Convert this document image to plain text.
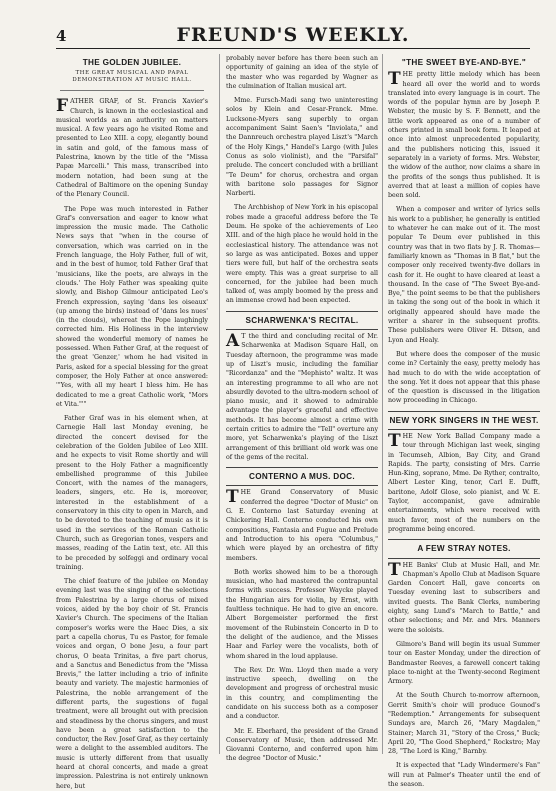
4	FREUND'S WEEKLY.
THE GOLDEN JUBILEE.
THE GREAT MUSICAL AND PAPAL DEMONSTRATION AT MUSIC HALL.

FATHER GRAF, of St. Francis Xavier's Church, is known in the ecclesiastical and musical worlds as an authority on matters musical. A few years ago he visited Rome and presented to Leo XIII. a copy, elegantly bound in satin and gold, of the famous mass of Palestrina, known by the title of the "Missa Papæ Marcelli." This mass, transcribed into modern notation, had been sung at the Cathedral of Baltimore on the opening Sunday of the Plenary Council.

The Pope was much interested in Father Graf's conversation and eager to know what impression the music made. The Catholic News says that "when in the course of conversation, which was carried on in the French language, the Holy Father, full of wit, and in the best of humor, told Father Graf that 'musicians, like the poets, are always in the clouds.' The Holy Father was speaking quite slowly, and Bishop Gilmour anticipated Leo's French expression, saying 'dans les oiseaux' (up among the birds) instead of 'dans les nues' (in the clouds), whereat the Pope laughingly corrected him. His Holiness in the interview showed the wonderful memory of names he possessed. When Father Graf, at the request of the great 'Genzer,' whom he had visited in Paris, asked for a special blessing for the great composer, the Holy Father at once answered: '"Yes, with all my heart I bless him. He has dedicated to me a great Catholic work, "Mors et Vita."'"

Father Graf was in his element when, at Carnegie Hall last Monday evening, he directed the concert devised for the celebration of the Golden Jubilee of Leo XIII. and he expects to visit Rome shortly and will present to the Holy Father a magnificently embellished programme of this Jubilee Concert, with the names of the managers, leaders, singers, etc. He is, moreover, interested in the establishment of a conservatory in this city to open in March, and to be devoted to the teaching of music as it is used in the services of the Roman Catholic Church, such as Gregorian tones, vespers and masses, reading of the Latin text, etc. All this to be preceded by solfeggi and ordinary vocal training.

The chief feature of the jubilee on Monday evening last was the singing of the selections from Palestrina by a large chorus of mixed voices, aided by the boy choir of St. Francis Xavier's Church. The specimens of the Italian composer's works were the Haec Dies, a six part a capella chorus, Tu es Pastor, for female voices and organ, O bone Jesu, a four part chorus, O beata Trinitas, a five part chorus, and a Sanctus and Benedictus from the "Missa Brevis," the latter including a trio of infinite beauty and variety. The majestic harmonies of Palestrina, the noble arrangement of the different parts, the sugestions of fugal treatment, were all brought out with precision and steadiness by the chorus singers, and must have been a great satisfaction to the conductor, the Rev. Josef Graf, as they certainly were a delight to the assembled auditors. The music is utterly different from that usually heard at choral concerts, and made a great impression. Palestrina is not entirely unknown here, but

probably never before has there been such an opportunity of gaining an idea of the style of the master who was regarded by Wagner as the culmination of Italian musical art.

Mme. Fursch-Madi sang two uninteresting solos by Klein and Cesar-Franck. Mme. Lucksone-Myers sang superbly to organ accompaniment Saint Saen's "Inviolata," and the Dannreuch orchestra played Liszt's "March of the Holy Kings," Handel's Largo (with Jules Conus as solo violinist), and the "Parsifal" prelude. The concert concluded with a brilliant "Te Deum" for chorus, orchestra and organ with baritone solo passages for Signor Narberti.

The Archbishop of New York in his episcopal robes made a graceful address before the Te Deum. He spoke of the achievements of Leo XIII. and of the high place he would hold in the ecclesiastical history. The attendance was not so large as was anticipated. Boxes and upper tiers were full, but half of the orchestra seats were empty. This was a great surprise to all concerned, for the jubilee had been much talked of, was amply boomed by the press and an immense crowd had been expected.

SCHARWENKA'S RECITAL.

A T the third and concluding recital of Mr. Scharwenka at Madison Square Hall, on Tuesday afternoon, the programme was made up of Liszt's music, including the familiar "Ricordanza" and the "Mephisto" waltz. It was an interesting programme to all who are not absurdly devoted to the ultra-modern school of piano music, and it showed to admirable advantage the player's graceful and effective methods. It has become almost a crime with certain critics to admire the "Tell" overture any more, yet Scharwenka's playing of the Liszt arrangement of this brilliant old work was one of the gems of the recital.

CONTERNO A MUS. DOC.

THE Grand Conservatory of Music conferred the degree "Doctor of Music" on G. E. Conterno last Saturday evening at Chickering Hall. Conterno conducted his own compositions, Fantasia and Fugue and Prelude and Introduction to his opera "Columbus," which were played by an orchestra of fifty members.

Both works showed him to be a thorough musician, who had mastered the contrapuntal forms with success. Professor Waycke played the Hungarian airs for violin, by Ernst, with faultless technique. He had to give an encore. Albert Borgemeister performed the first movement of the Rubinstein Concerto in D to the delight of the audience, and the Misses Haar and Farley were the vocalists, both of whom shared in the loud applause.

The Rev. Dr. Wm. Lloyd then made a very instructive speech, dwelling on the development and progress of orchestral music in this country, and complimenting the candidate on his success both as a composer and a conductor.

Mr. E. Eberhard, the president of the Grand Conservatory of Music, then addressed Mr. Giovanni Conterno, and conferred upon him the degree "Doctor of Music."

"THE SWEET BYE-AND-BYE."

THE pretty little melody which has been heard all over the world and to words translated into every language is in court. The words of the popular hymn are by Joseph P. Webster, the music by S. F. Bennett, and the little work appeared as one of a number of others printed in small book form. It leaped at once into almost unprecedented popularity, and the publishers noticing this, issued it separately in a variety of forms. Mrs. Webster, the widow of the author, now claims a share in the profits of the songs thus published. It is averred that at least a million of copies have been sold.

When a composer and writer of lyrics sells his work to a publisher, he generally is entitled to whatever he can make out of it. The most popular Te Deum ever published in this country was that in two flats by J. R. Thomas—familiarly known as "Thomas in B flat," but the composer only received twenty-five dollars in cash for it. He ought to have cleared at least a thousand. In the case of "The Sweet Bye-and-Bye," the point seems to be that the publishers in taking the song out of the book in which it originally appeared should have made the writer a sharer in the subsequent profits. These publishers were Oliver H. Ditson, and Lyon and Healy.

But where does the composer of the music come in? Certainly the easy, pretty melody has had much to do with the wide acceptation of the song. Yet it does not appear that this phase of the question is discussed in the litigation now proceeding in Chicago.

NEW YORK SINGERS IN THE WEST.

THE New York Ballad Company made a tour through Michigan last week, singing in Tecumseh, Albion, Bay City, and Grand Rapids. The party, consisting of Mrs. Carrie Hun-King, soprano, Mme. De Ryther, contralto, Albert Lester King, tenor, Carl E. Dufft, baritone, Adolf Glose, solo pianist, and W. E. Taylor, accompanist, gave admirable entertainments, which were received with much favor, most of the numbers on the programme being encored.

A FEW STRAY NOTES.

THE Banks' Club at Music Hall, and Mr. Chapman's Apollo Club at Madison Square Garden Concert Hall, gave concerts on Tuesday evening last to subscribers and invited guests. The Bank Clerks, numbering eighty, sang Lund's "March to Battle," and other selections; and Mr. and Mrs. Manners were the soloists.

Gilmore's Band will begin its usual Summer tour on Easter Monday, under the direction of Bandmaster Reeves, a farewell concert taking place to-night at the Twenty-second Regiment Armory.

At the South Church to-morrow afternoon, Gerrit Smith's choir will produce Gounod's "Redemption." Arrangements for subsequent Sundays are, March 26, "Mary Magdalen," Stainer; March 31, "Story of the Cross," Buck; April 20, "The Good Shepherd," Rockstro; May 28, "The Lord is King," Barnby.

It is expected that "Lady Windermere's Fan" will run at Palmer's Theater until the end of the season.
